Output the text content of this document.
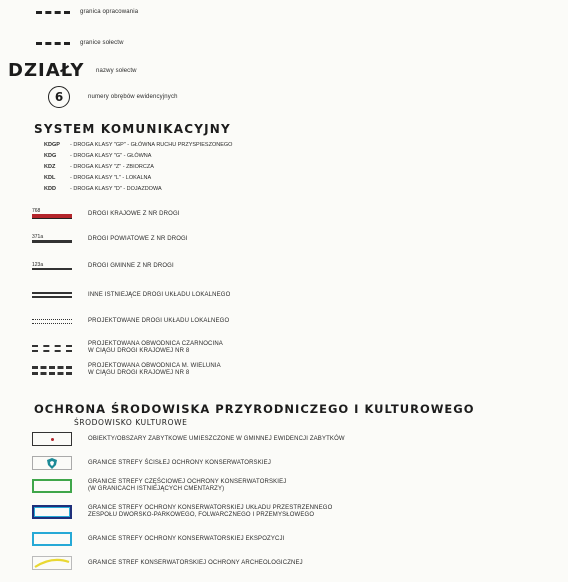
granica opracowania
granice sołectw
DZIAŁY nazwy sołectw
6	numery obrębów ewidencyjnych
SYSTEM KOMUNIKACYJNY
KDGP	- DROGA KLASY "GP" - GŁÓWNA RUCHU PRZYSPIESZONEGO
KDG	- DROGA KLASY "G" - GŁÓWNA
KDZ	- DROGA KLASY "Z" - ZBIORCZA
KDL	- DROGA KLASY "L" - LOKALNA
KDD	- DROGA KLASY "D" - DOJAZDOWA
768	DROGI KRAJOWE Z NR DROGI
371a	DROGI POWIATOWE Z NR DROGI
123a	DROGI GMINNE Z NR DROGI
INNE ISTNIEJĄCE DROGI UKŁADU LOKALNEGO
PROJEKTOWANE DROGI UKŁADU LOKALNEGO
PROJEKTOWANA OBWODNICA CZARNOCINA
W CIĄGU DROGI KRAJOWEJ NR 8
PROJEKTOWANA OBWODNICA M. WIELUNIA
W CIĄGU DROGI KRAJOWEJ NR 8
OCHRONA ŚRODOWISKA PRZYRODNICZEGO I KULTUROWEGO
ŚRODOWISKO KULTUROWE
OBIEKTY/OBSZARY ZABYTKOWE UMIESZCZONE W GMINNEJ EWIDENCJI ZABYTKÓW
GRANICE STREFY ŚCISŁEJ OCHRONY KONSERWATORSKIEJ
GRANICE STREFY CZĘŚCIOWEJ OCHRONY KONSERWATORSKIEJ
(W GRANICACH ISTNIEJĄCYCH CMENTARZY)
GRANICE STREFY OCHRONY KONSERWATORSKIEJ UKŁADU PRZESTRZENNEGO
ZESPOŁU DWORSKO-PARKOWEGO, FOLWARCZNEGO I PRZEMYSŁOWEGO
GRANICE STREFY OCHRONY KONSERWATORSKIEJ EKSPOZYCJI
GRANICE STREF KONSERWATORSKIEJ OCHRONY ARCHEOLOGICZNEJ
